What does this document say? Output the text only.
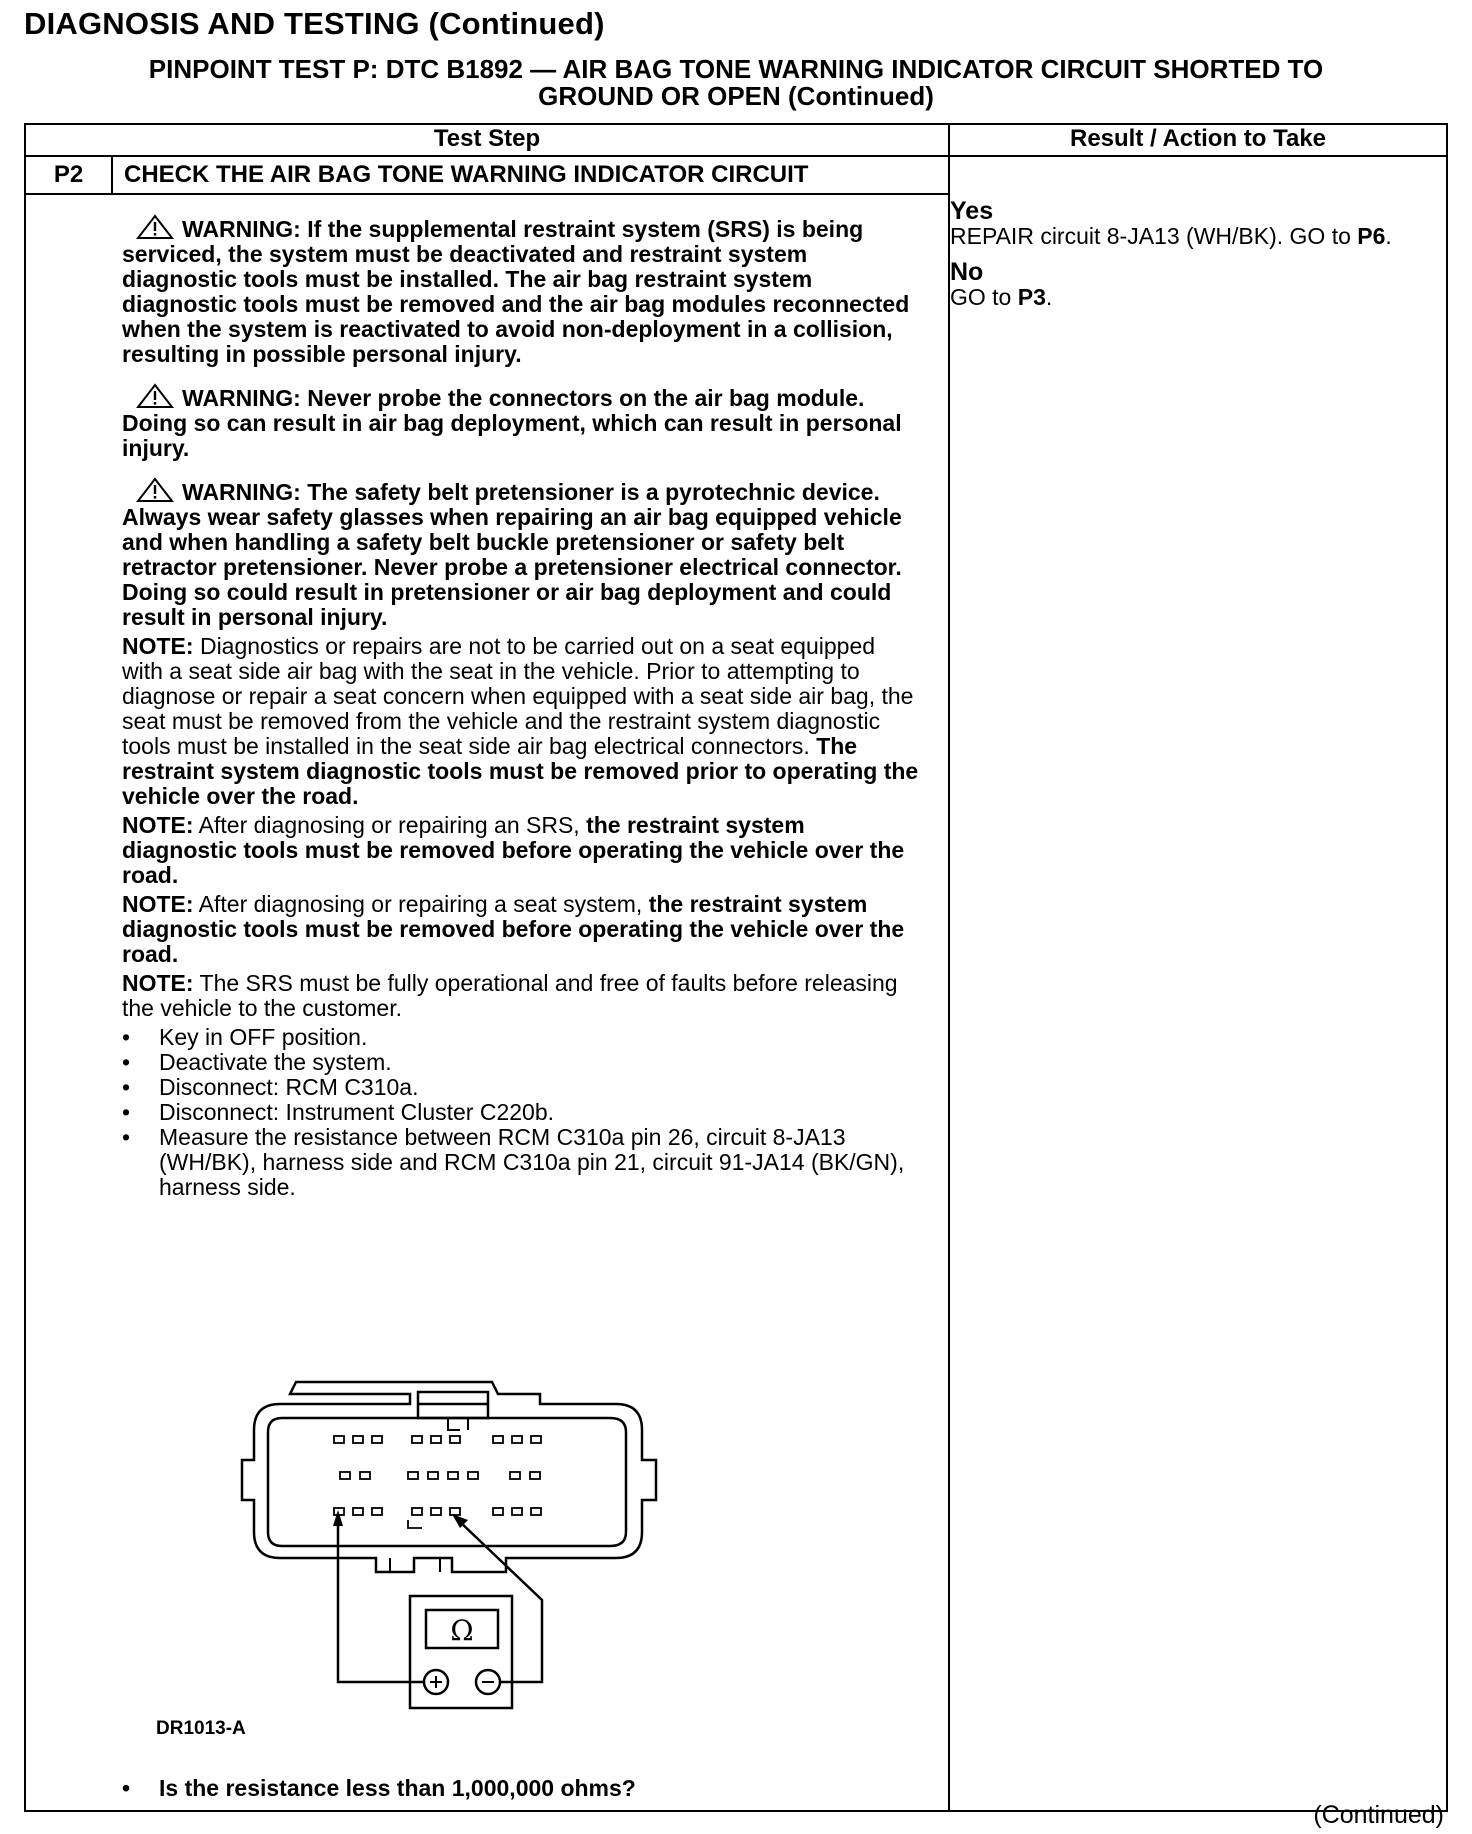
DIAGNOSIS AND TESTING (Continued)
PINPOINT TEST P: DTC B1892 — AIR BAG TONE WARNING INDICATOR CIRCUIT SHORTED TO
GROUND OR OPEN (Continued)
Test Step	Result / Action to Take
P2	CHECK THE AIR BAG TONE WARNING INDICATOR CIRCUIT

WARNING: If the supplemental restraint system (SRS) is being serviced, the system must be deactivated and restraint system diagnostic tools must be installed. The air bag restraint system diagnostic tools must be removed and the air bag modules reconnected when the system is reactivated to avoid non-deployment in a collision, resulting in possible personal injury.

WARNING: Never probe the connectors on the air bag module. Doing so can result in air bag deployment, which can result in personal injury.

WARNING: The safety belt pretensioner is a pyrotechnic device. Always wear safety glasses when repairing an air bag equipped vehicle and when handling a safety belt buckle pretensioner or safety belt retractor pretensioner. Never probe a pretensioner electrical connector. Doing so could result in pretensioner or air bag deployment and could result in personal injury.

NOTE: Diagnostics or repairs are not to be carried out on a seat equipped with a seat side air bag with the seat in the vehicle. Prior to attempting to diagnose or repair a seat concern when equipped with a seat side air bag, the seat must be removed from the vehicle and the restraint system diagnostic tools must be installed in the seat side air bag electrical connectors. The restraint system diagnostic tools must be removed prior to operating the vehicle over the road.

NOTE: After diagnosing or repairing an SRS, the restraint system diagnostic tools must be removed before operating the vehicle over the road.

NOTE: After diagnosing or repairing a seat system, the restraint system diagnostic tools must be removed before operating the vehicle over the road.

NOTE: The SRS must be fully operational and free of faults before releasing the vehicle to the customer.

• Key in OFF position.
• Deactivate the system.
• Disconnect: RCM C310a.
• Disconnect: Instrument Cluster C220b.
• Measure the resistance between RCM C310a pin 26, circuit 8-JA13 (WH/BK), harness side and RCM C310a pin 21, circuit 91-JA14 (BK/GN), harness side.
Ω
DR1013-A
• Is the resistance less than 1,000,000 ohms?
Yes

REPAIR circuit 8-JA13 (WH/BK). GO to P6.

No

GO to P3.

(Continued)
